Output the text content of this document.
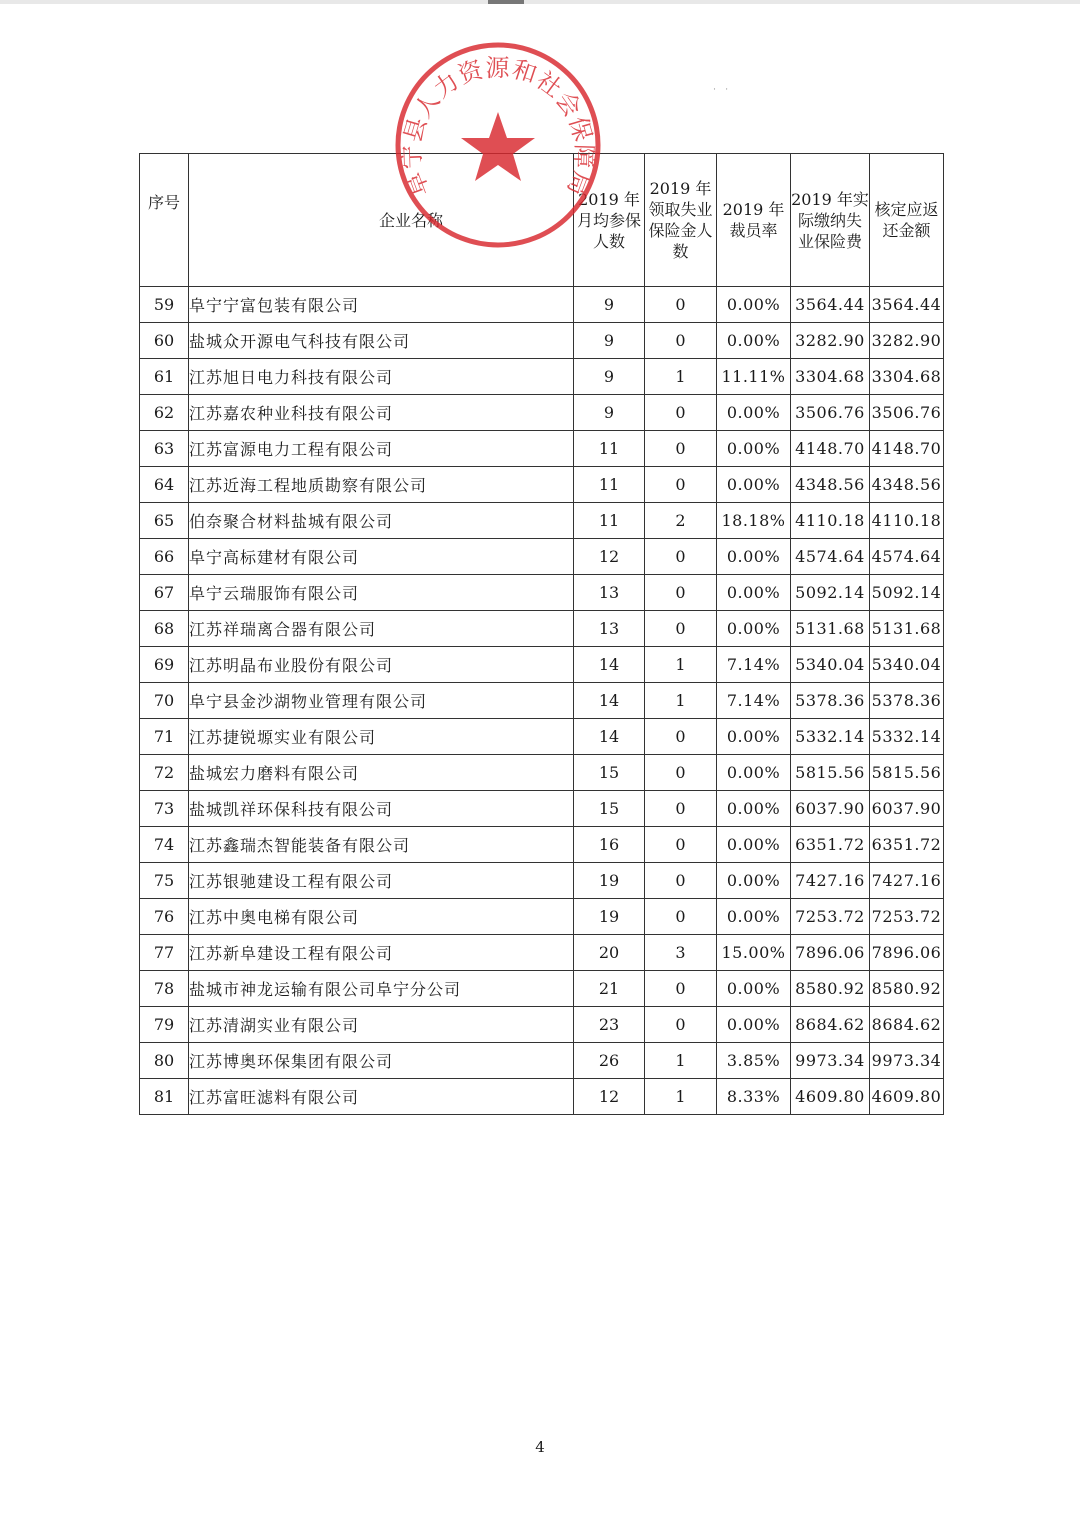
˙ ˙
序号	企业名称	2019 年月均参保人数	2019 年领取失业保险金人数	2019 年裁员率	2019 年实际缴纳失业保险费	核定应返还金额
59	阜宁宁富包装有限公司	9	0	0.00%	3564.44	3564.44
60	盐城众开源电气科技有限公司	9	0	0.00%	3282.90	3282.90
61	江苏旭日电力科技有限公司	9	1	11.11%	3304.68	3304.68
62	江苏嘉农种业科技有限公司	9	0	0.00%	3506.76	3506.76
63	江苏富源电力工程有限公司	11	0	0.00%	4148.70	4148.70
64	江苏近海工程地质勘察有限公司	11	0	0.00%	4348.56	4348.56
65	伯奈聚合材料盐城有限公司	11	2	18.18%	4110.18	4110.18
66	阜宁高标建材有限公司	12	0	0.00%	4574.64	4574.64
67	阜宁云瑞服饰有限公司	13	0	0.00%	5092.14	5092.14
68	江苏祥瑞离合器有限公司	13	0	0.00%	5131.68	5131.68
69	江苏明晶布业股份有限公司	14	1	7.14%	5340.04	5340.04
70	阜宁县金沙湖物业管理有限公司	14	1	7.14%	5378.36	5378.36
71	江苏捷锐塬实业有限公司	14	0	0.00%	5332.14	5332.14
72	盐城宏力磨料有限公司	15	0	0.00%	5815.56	5815.56
73	盐城凯祥环保科技有限公司	15	0	0.00%	6037.90	6037.90
74	江苏鑫瑞杰智能装备有限公司	16	0	0.00%	6351.72	6351.72
75	江苏银驰建设工程有限公司	19	0	0.00%	7427.16	7427.16
76	江苏中奥电梯有限公司	19	0	0.00%	7253.72	7253.72
77	江苏新阜建设工程有限公司	20	3	15.00%	7896.06	7896.06
78	盐城市神龙运输有限公司阜宁分公司	21	0	0.00%	8580.92	8580.92
79	江苏清湖实业有限公司	23	0	0.00%	8684.62	8684.62
80	江苏博奥环保集团有限公司	26	1	3.85%	9973.34	9973.34
81	江苏富旺滤料有限公司	12	1	8.33%	4609.80	4609.80
阜宁县人力资源和社会保障局
4
